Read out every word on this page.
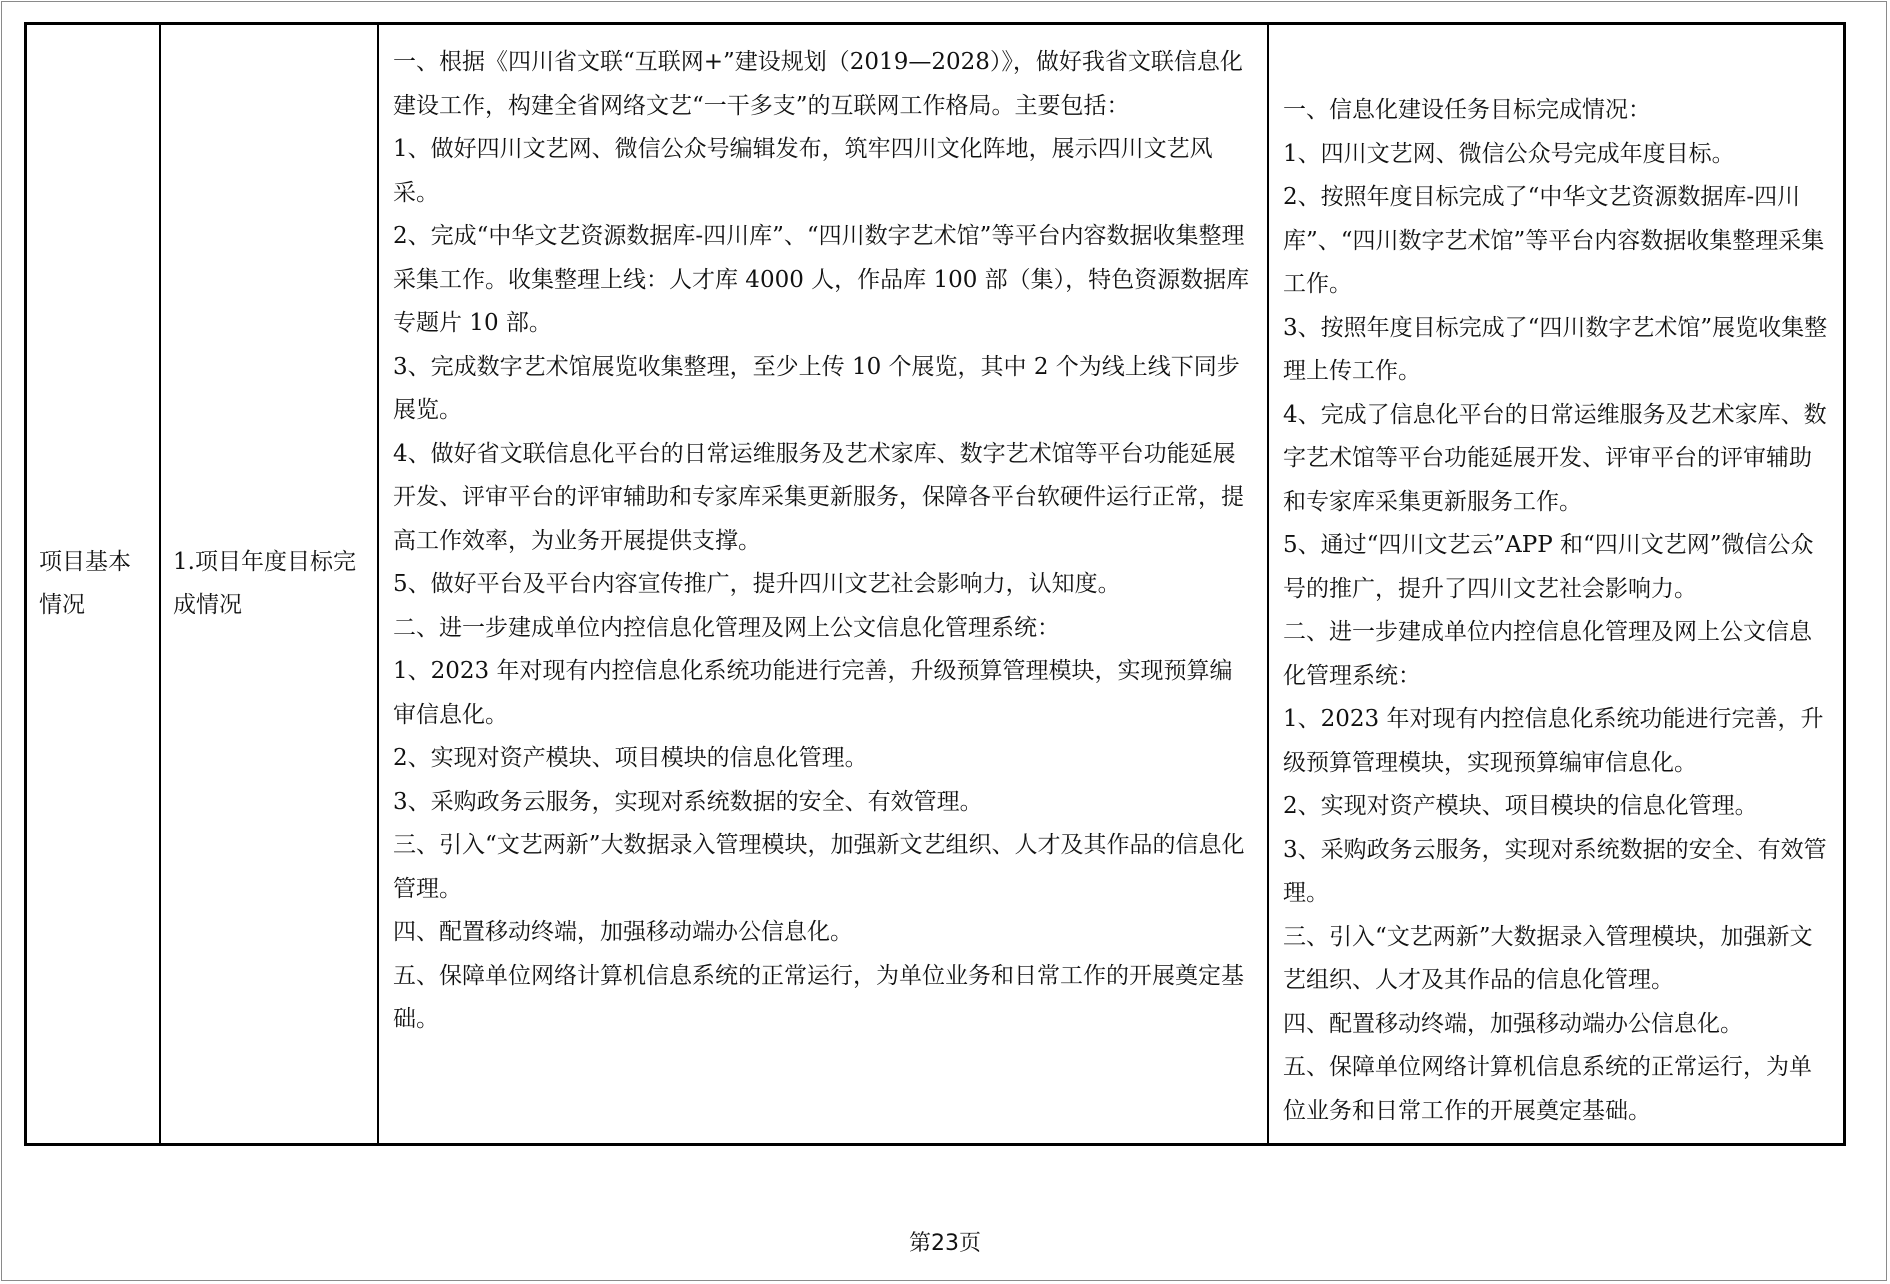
项目基本情况

1.项目年度目标完成情况

一、根据《四川省文联“互联网+”建设规划（2019—2028）》，做好我省文联信息化建设工作，构建全省网络文艺“一干多支”的互联网工作格局。主要包括：
1、做好四川文艺网、微信公众号编辑发布，筑牢四川文化阵地，展示四川文艺风采。
2、完成“中华文艺资源数据库-四川库”、“四川数字艺术馆”等平台内容数据收集整理采集工作。收集整理上线：人才库 4000 人，作品库 100 部（集），特色资源数据库专题片 10 部。
3、完成数字艺术馆展览收集整理，至少上传 10 个展览，其中 2 个为线上线下同步展览。
4、做好省文联信息化平台的日常运维服务及艺术家库、数字艺术馆等平台功能延展开发、评审平台的评审辅助和专家库采集更新服务，保障各平台软硬件运行正常，提高工作效率，为业务开展提供支撑。
5、做好平台及平台内容宣传推广，提升四川文艺社会影响力，认知度。
二、进一步建成单位内控信息化管理及网上公文信息化管理系统：
1、2023 年对现有内控信息化系统功能进行完善，升级预算管理模块，实现预算编审信息化。
2、实现对资产模块、项目模块的信息化管理。
3、采购政务云服务，实现对系统数据的安全、有效管理。
三、引入“文艺两新”大数据录入管理模块，加强新文艺组织、人才及其作品的信息化管理。
四、配置移动终端，加强移动端办公信息化。
五、保障单位网络计算机信息系统的正常运行，为单位业务和日常工作的开展奠定基础。

一、信息化建设任务目标完成情况：
1、四川文艺网、微信公众号完成年度目标。
2、按照年度目标完成了“中华文艺资源数据库-四川库”、“四川数字艺术馆”等平台内容数据收集整理采集工作。
3、按照年度目标完成了“四川数字艺术馆”展览收集整理上传工作。
4、完成了信息化平台的日常运维服务及艺术家库、数字艺术馆等平台功能延展开发、评审平台的评审辅助和专家库采集更新服务工作。
5、通过“四川文艺云”APP 和“四川文艺网”微信公众号的推广，提升了四川文艺社会影响力。　　　　　　二、进一步建成单位内控信息化管理及网上公文信息化管理系统：
1、2023 年对现有内控信息化系统功能进行完善，升级预算管理模块，实现预算编审信息化。
2、实现对资产模块、项目模块的信息化管理。
3、采购政务云服务，实现对系统数据的安全、有效管理。
三、引入“文艺两新”大数据录入管理模块，加强新文艺组织、人才及其作品的信息化管理。
四、配置移动终端，加强移动端办公信息化。
五、保障单位网络计算机信息系统的正常运行，为单位业务和日常工作的开展奠定基础。
第23页
